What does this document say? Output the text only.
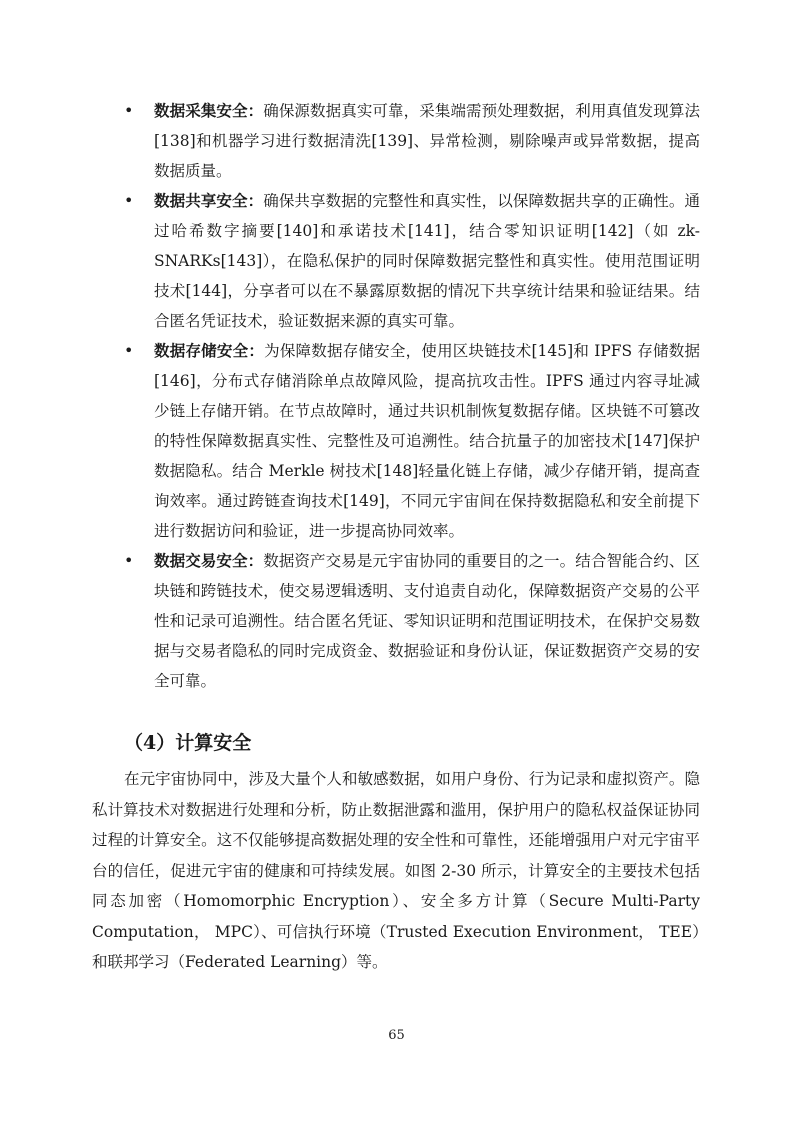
• 数据采集安全：确保源数据真实可靠，采集端需预处理数据，利用真值发现算法[138]和机器学习进行数据清洗[139]、异常检测，剔除噪声或异常数据，提高数据质量。
• 数据共享安全：确保共享数据的完整性和真实性，以保障数据共享的正确性。通过哈希数字摘要[140]和承诺技术[141]，结合零知识证明[142]（如 zk-SNARKs[143]），在隐私保护的同时保障数据完整性和真实性。使用范围证明技术[144]，分享者可以在不暴露原数据的情况下共享统计结果和验证结果。结合匿名凭证技术，验证数据来源的真实可靠。
• 数据存储安全：为保障数据存储安全，使用区块链技术[145]和 IPFS 存储数据[146]，分布式存储消除单点故障风险，提高抗攻击性。IPFS 通过内容寻址减少链上存储开销。在节点故障时，通过共识机制恢复数据存储。区块链不可篡改的特性保障数据真实性、完整性及可追溯性。结合抗量子的加密技术[147]保护数据隐私。结合 Merkle 树技术[148]轻量化链上存储，减少存储开销，提高查询效率。通过跨链查询技术[149]，不同元宇宙间在保持数据隐私和安全前提下进行数据访问和验证，进一步提高协同效率。
• 数据交易安全：数据资产交易是元宇宙协同的重要目的之一。结合智能合约、区块链和跨链技术，使交易逻辑透明、支付追责自动化，保障数据资产交易的公平性和记录可追溯性。结合匿名凭证、零知识证明和范围证明技术，在保护交易数据与交易者隐私的同时完成资金、数据验证和身份认证，保证数据资产交易的安全可靠。
（4）计算安全

在元宇宙协同中，涉及大量个人和敏感数据，如用户身份、行为记录和虚拟资产。隐私计算技术对数据进行处理和分析，防止数据泄露和滥用，保护用户的隐私权益保证协同过程的计算安全。这不仅能够提高数据处理的安全性和可靠性，还能增强用户对元宇宙平台的信任，促进元宇宙的健康和可持续发展。如图 2-30 所示，计算安全的主要技术包括同态加密（Homomorphic Encryption）、安全多方计算（Secure Multi-Party Computation， MPC）、可信执行环境（Trusted Execution Environment， TEE）和联邦学习（Federated Learning）等。

65
